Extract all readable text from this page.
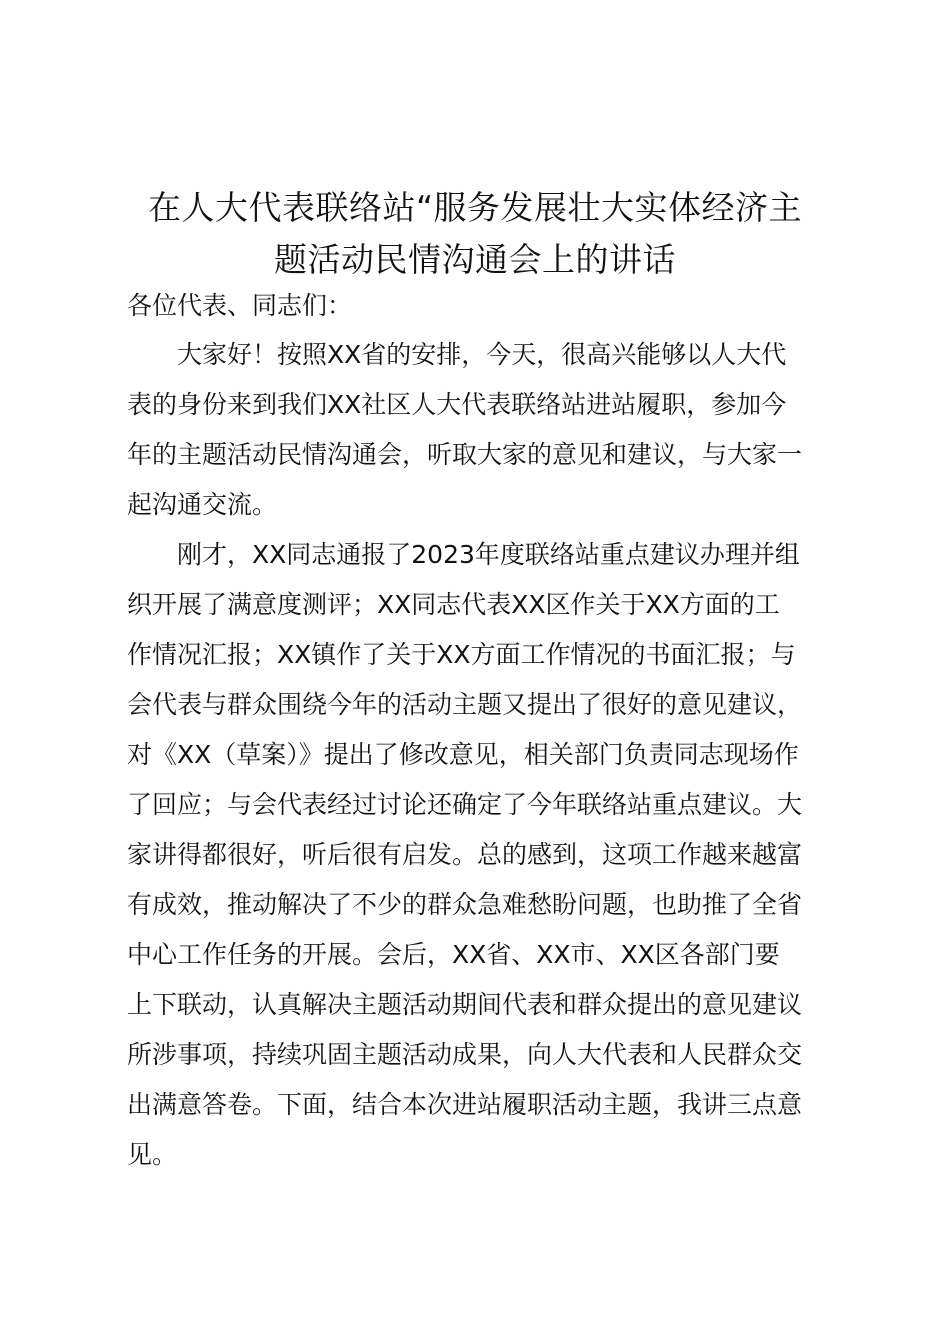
在人大代表联络站“服务发展壮大实体经济主
题活动民情沟通会上的讲话
各位代表、同志们：
大家好！按照XX省的安排，今天，很高兴能够以人大代
表的身份来到我们XX社区人大代表联络站进站履职，参加今
年的主题活动民情沟通会，听取大家的意见和建议，与大家一
起沟通交流。
刚才，XX同志通报了2023年度联络站重点建议办理并组
织开展了满意度测评；XX同志代表XX区作关于XX方面的工
作情况汇报；XX镇作了关于XX方面工作情况的书面汇报；与
会代表与群众围绕今年的活动主题又提出了很好的意见建议，
对《XX（草案）》提出了修改意见，相关部门负责同志现场作
了回应；与会代表经过讨论还确定了今年联络站重点建议。大
家讲得都很好，听后很有启发。总的感到，这项工作越来越富
有成效，推动解决了不少的群众急难愁盼问题，也助推了全省
中心工作任务的开展。会后，XX省、XX市、XX区各部门要
上下联动，认真解决主题活动期间代表和群众提出的意见建议
所涉事项，持续巩固主题活动成果，向人大代表和人民群众交
出满意答卷。下面，结合本次进站履职活动主题，我讲三点意
见。
